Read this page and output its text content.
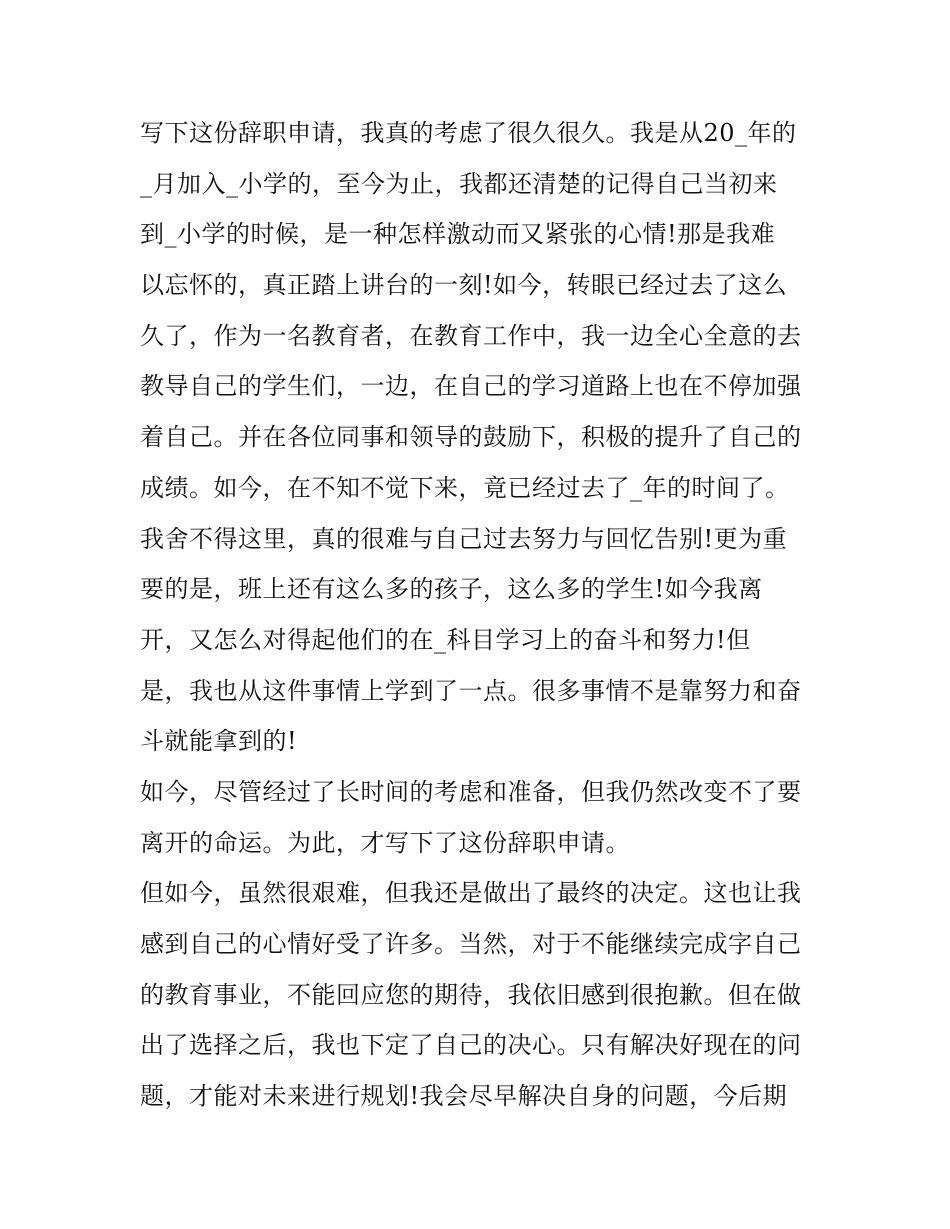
写下这份辞职申请，我真的考虑了很久很久。我是从20_年的
_月加入_小学的，至今为止，我都还清楚的记得自己当初来
到_小学的时候，是一种怎样激动而又紧张的心情!那是我难
以忘怀的，真正踏上讲台的一刻!如今，转眼已经过去了这么
久了，作为一名教育者，在教育工作中，我一边全心全意的去
教导自己的学生们，一边，在自己的学习道路上也在不停加强
着自己。并在各位同事和领导的鼓励下，积极的提升了自己的
成绩。如今，在不知不觉下来，竟已经过去了_年的时间了。
我舍不得这里，真的很难与自己过去努力与回忆告别!更为重
要的是，班上还有这么多的孩子，这么多的学生!如今我离
开，又怎么对得起他们的在_科目学习上的奋斗和努力!但
是，我也从这件事情上学到了一点。很多事情不是靠努力和奋
斗就能拿到的!
如今，尽管经过了长时间的考虑和准备，但我仍然改变不了要
离开的命运。为此，才写下了这份辞职申请。
但如今，虽然很艰难，但我还是做出了最终的决定。这也让我
感到自己的心情好受了许多。当然，对于不能继续完成字自己
的教育事业，不能回应您的期待，我依旧感到很抱歉。但在做
出了选择之后，我也下定了自己的决心。只有解决好现在的问
题，才能对未来进行规划!我会尽早解决自身的问题，今后期
